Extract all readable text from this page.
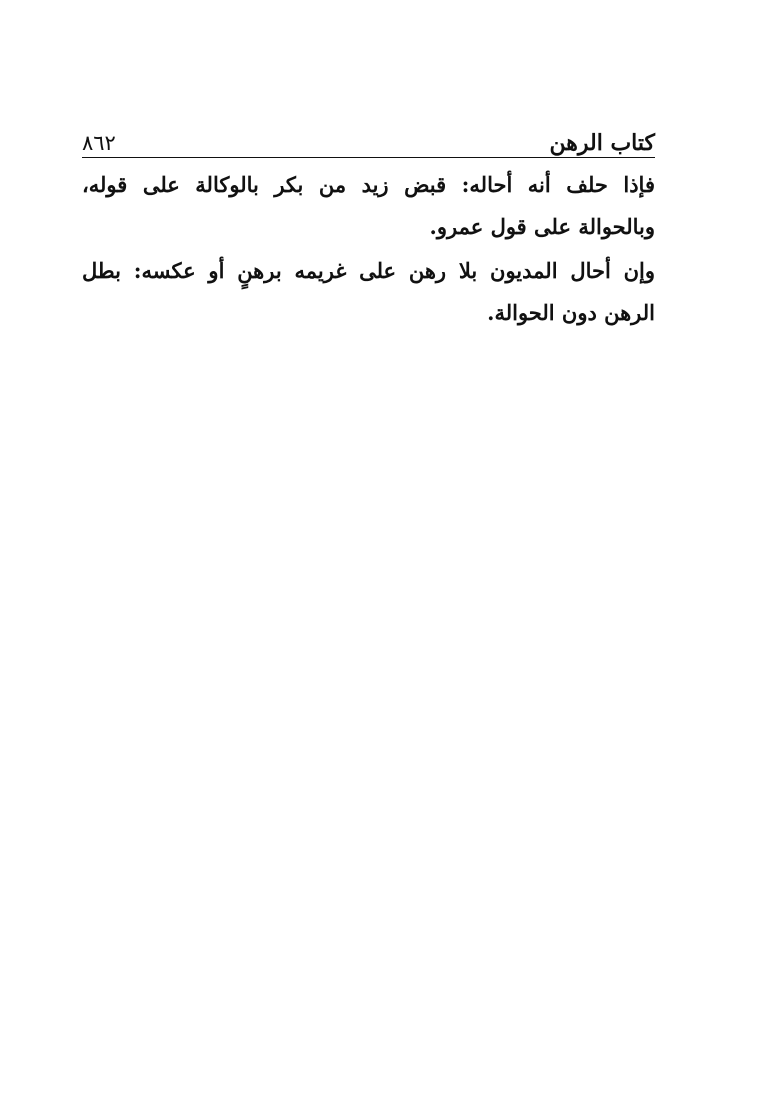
كتاب الرهن
٨٦٢

فإذا حلف أنه أحاله: قبض زيد من بكر بالوكالة على قوله، وبالحوالة على قول عمرو.

وإن أحال المديون بلا رهن على غريمه برهنٍ أو عكسه: بطل الرهن دون الحوالة.
